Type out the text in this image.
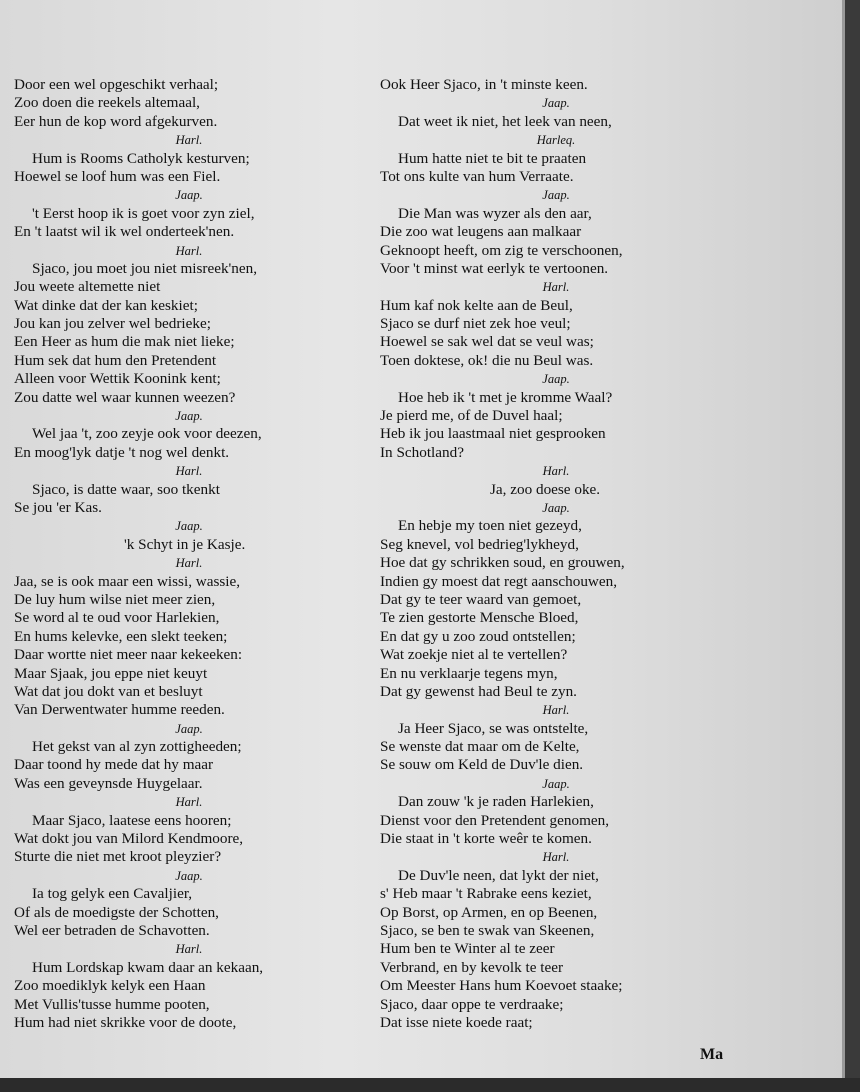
Door een wel opgeschikt verhaal;
Zoo doen die reekels altemaal,
Eer hun de kop word afgekurven.
Harl.
Hum is Rooms Catholyk kesturven;
Hoewel se loof hum was een Fiel.
Jaap.
't Eerst hoop ik is goet voor zyn ziel,
En 't laatst wil ik wel onderteek'nen.
Harl.
Sjaco, jou moet jou niet misreek'nen,
Jou weete altemette niet
Wat dinke dat der kan keskiet;
Jou kan jou zelver wel bedrieke;
Een Heer as hum die mak niet lieke;
Hum sek dat hum den Pretendent
Alleen voor Wettik Koonink kent;
Zou datte wel waar kunnen weezen?
Jaap.
Wel jaa 't, zoo zeyje ook voor deezen,
En moog'lyk datje 't nog wel denkt.
Harl.
Sjaco, is datte waar, soo tkenkt
Se jou 'er Kas.
Jaap.
'k Schyt in je Kasje.
Harl.
Jaa, se is ook maar een wissi, wassie,
De luy hum wilse niet meer zien,
Se word al te oud voor Harlekien,
En hums kelevke, een slekt teeken;
Daar wortte niet meer naar kekeeken:
Maar Sjaak, jou eppe niet keuyt
Wat dat jou dokt van et besluyt
Van Derwentwater humme reeden.
Jaap.
Het gekst van al zyn zottigheeden;
Daar toond hy mede dat hy maar
Was een geveynsde Huygelaar.
Harl.
Maar Sjaco, laatese eens hooren;
Wat dokt jou van Milord Kendmoore,
Sturte die niet met kroot pleyzier?
Jaap.
Ia tog gelyk een Cavaljier,
Of als de moedigste der Schotten,
Wel eer betraden de Schavotten.
Harl.
Hum Lordskap kwam daar an kekaan,
Zoo moediklyk kelyk een Haan
Met Vullis'tusse humme pooten,
Hum had niet skrikke voor de doote,
Ook Heer Sjaco, in 't minste keen.
Jaap.
Dat weet ik niet, het leek van neen,
Harleq.
Hum hatte niet te bit te praaten
Tot ons kulte van hum Verraate.
Jaap.
Die Man was wyzer als den aar,
Die zoo wat leugens aan malkaar
Geknoopt heeft, om zig te verschoonen,
Voor 't minst wat eerlyk te vertoonen.
Harl.
Hum kaf nok kelte aan de Beul,
Sjaco se durf niet zek hoe veul;
Hoewel se sak wel dat se veul was;
Toen doktese, ok! die nu Beul was.
Jaap.
Hoe heb ik 't met je kromme Waal?
Je pierd me, of de Duvel haal;
Heb ik jou laastmaal niet gesprooken
In Schotland?
Harl.
Ja, zoo doese oke.
Jaap.
En hebje my toen niet gezeyd,
Seg knevel, vol bedrieg'lykheyd,
Hoe dat gy schrikken soud, en grouwen,
Indien gy moest dat regt aanschouwen,
Dat gy te teer waard van gemoet,
Te zien gestorte Mensche Bloed,
En dat gy u zoo zoud ontstellen;
Wat zoekje niet al te vertellen?
En nu verklaarje tegens myn,
Dat gy gewenst had Beul te zyn.
Harl.
Ja Heer Sjaco, se was ontstelte,
Se wenste dat maar om de Kelte,
Se souw om Keld de Duv'le dien.
Jaap.
Dan zouw 'k je raden Harlekien,
Dienst voor den Pretendent genomen,
Die staat in 't korte weêr te komen.
Harl.
De Duv'le neen, dat lykt der niet,
s' Heb maar 't Rabrake eens keziet,
Op Borst, op Armen, en op Beenen,
Sjaco, se ben te swak van Skeenen,
Hum ben te Winter al te zeer
Verbrand, en by kevolk te teer
Om Meester Hans hum Koevoet staake;
Sjaco, daar oppe te verdraake;
Dat isse niete koede raat;
Ma
